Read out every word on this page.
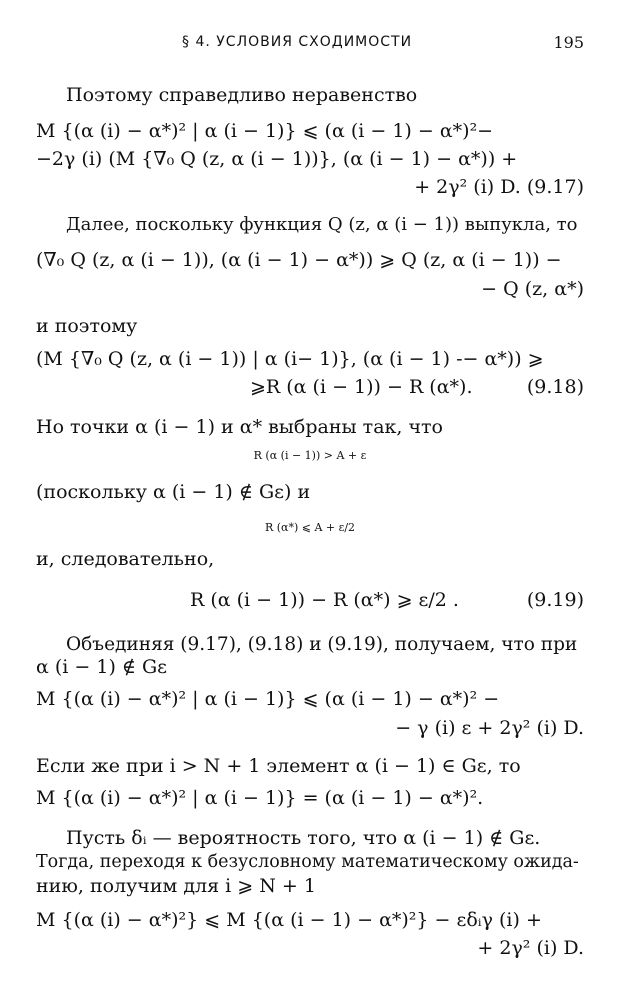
§ 4. УСЛОВИЯ СХОДИМОСТИ	195
Поэтому справедливо неравенство
M {(α (i) − α*)² | α (i − 1)} ⩽ (α (i − 1) − α*)²−
−2γ (i) (M {∇₀ Q (z, α (i − 1))}, (α (i − 1) − α*)) +
+ 2γ² (i) D. (9.17)
Далее, поскольку функция Q (z, α (i − 1)) выпукла, то
(∇₀ Q (z, α (i − 1)), (α (i − 1) − α*)) ⩾ Q (z, α (i − 1)) −
− Q (z, α*)
и поэтому
(M {∇₀ Q (z, α (i − 1)) | α (i− 1)}, (α (i − 1) -− α*)) ⩾
⩾R (α (i − 1)) − R (α*).	(9.18)
Но точки α (i − 1) и α* выбраны так, что
R (α (i − 1)) > A + ε
(поскольку α (i − 1) ∉ Gε) и
R (α*) ⩽ A + ε/2
и, следовательно,
R (α (i − 1)) − R (α*) ⩾ ε/2 .	(9.19)
Объединяя (9.17), (9.18) и (9.19), получаем, что при
α (i − 1) ∉ Gε
M {(α (i) − α*)² | α (i − 1)} ⩽ (α (i − 1) − α*)² −
− γ (i) ε + 2γ² (i) D.
Если же при i > N + 1 элемент α (i − 1) ∈ Gε, то
M {(α (i) − α*)² | α (i − 1)} = (α (i − 1) − α*)².
Пусть δᵢ — вероятность того, что α (i − 1) ∉ Gε.
Тогда, переходя к безусловному математическому ожида-
нию, получим для i ⩾ N + 1
M {(α (i) − α*)²} ⩽ M {(α (i − 1) − α*)²} − εδᵢγ (i) +
+ 2γ² (i) D.
